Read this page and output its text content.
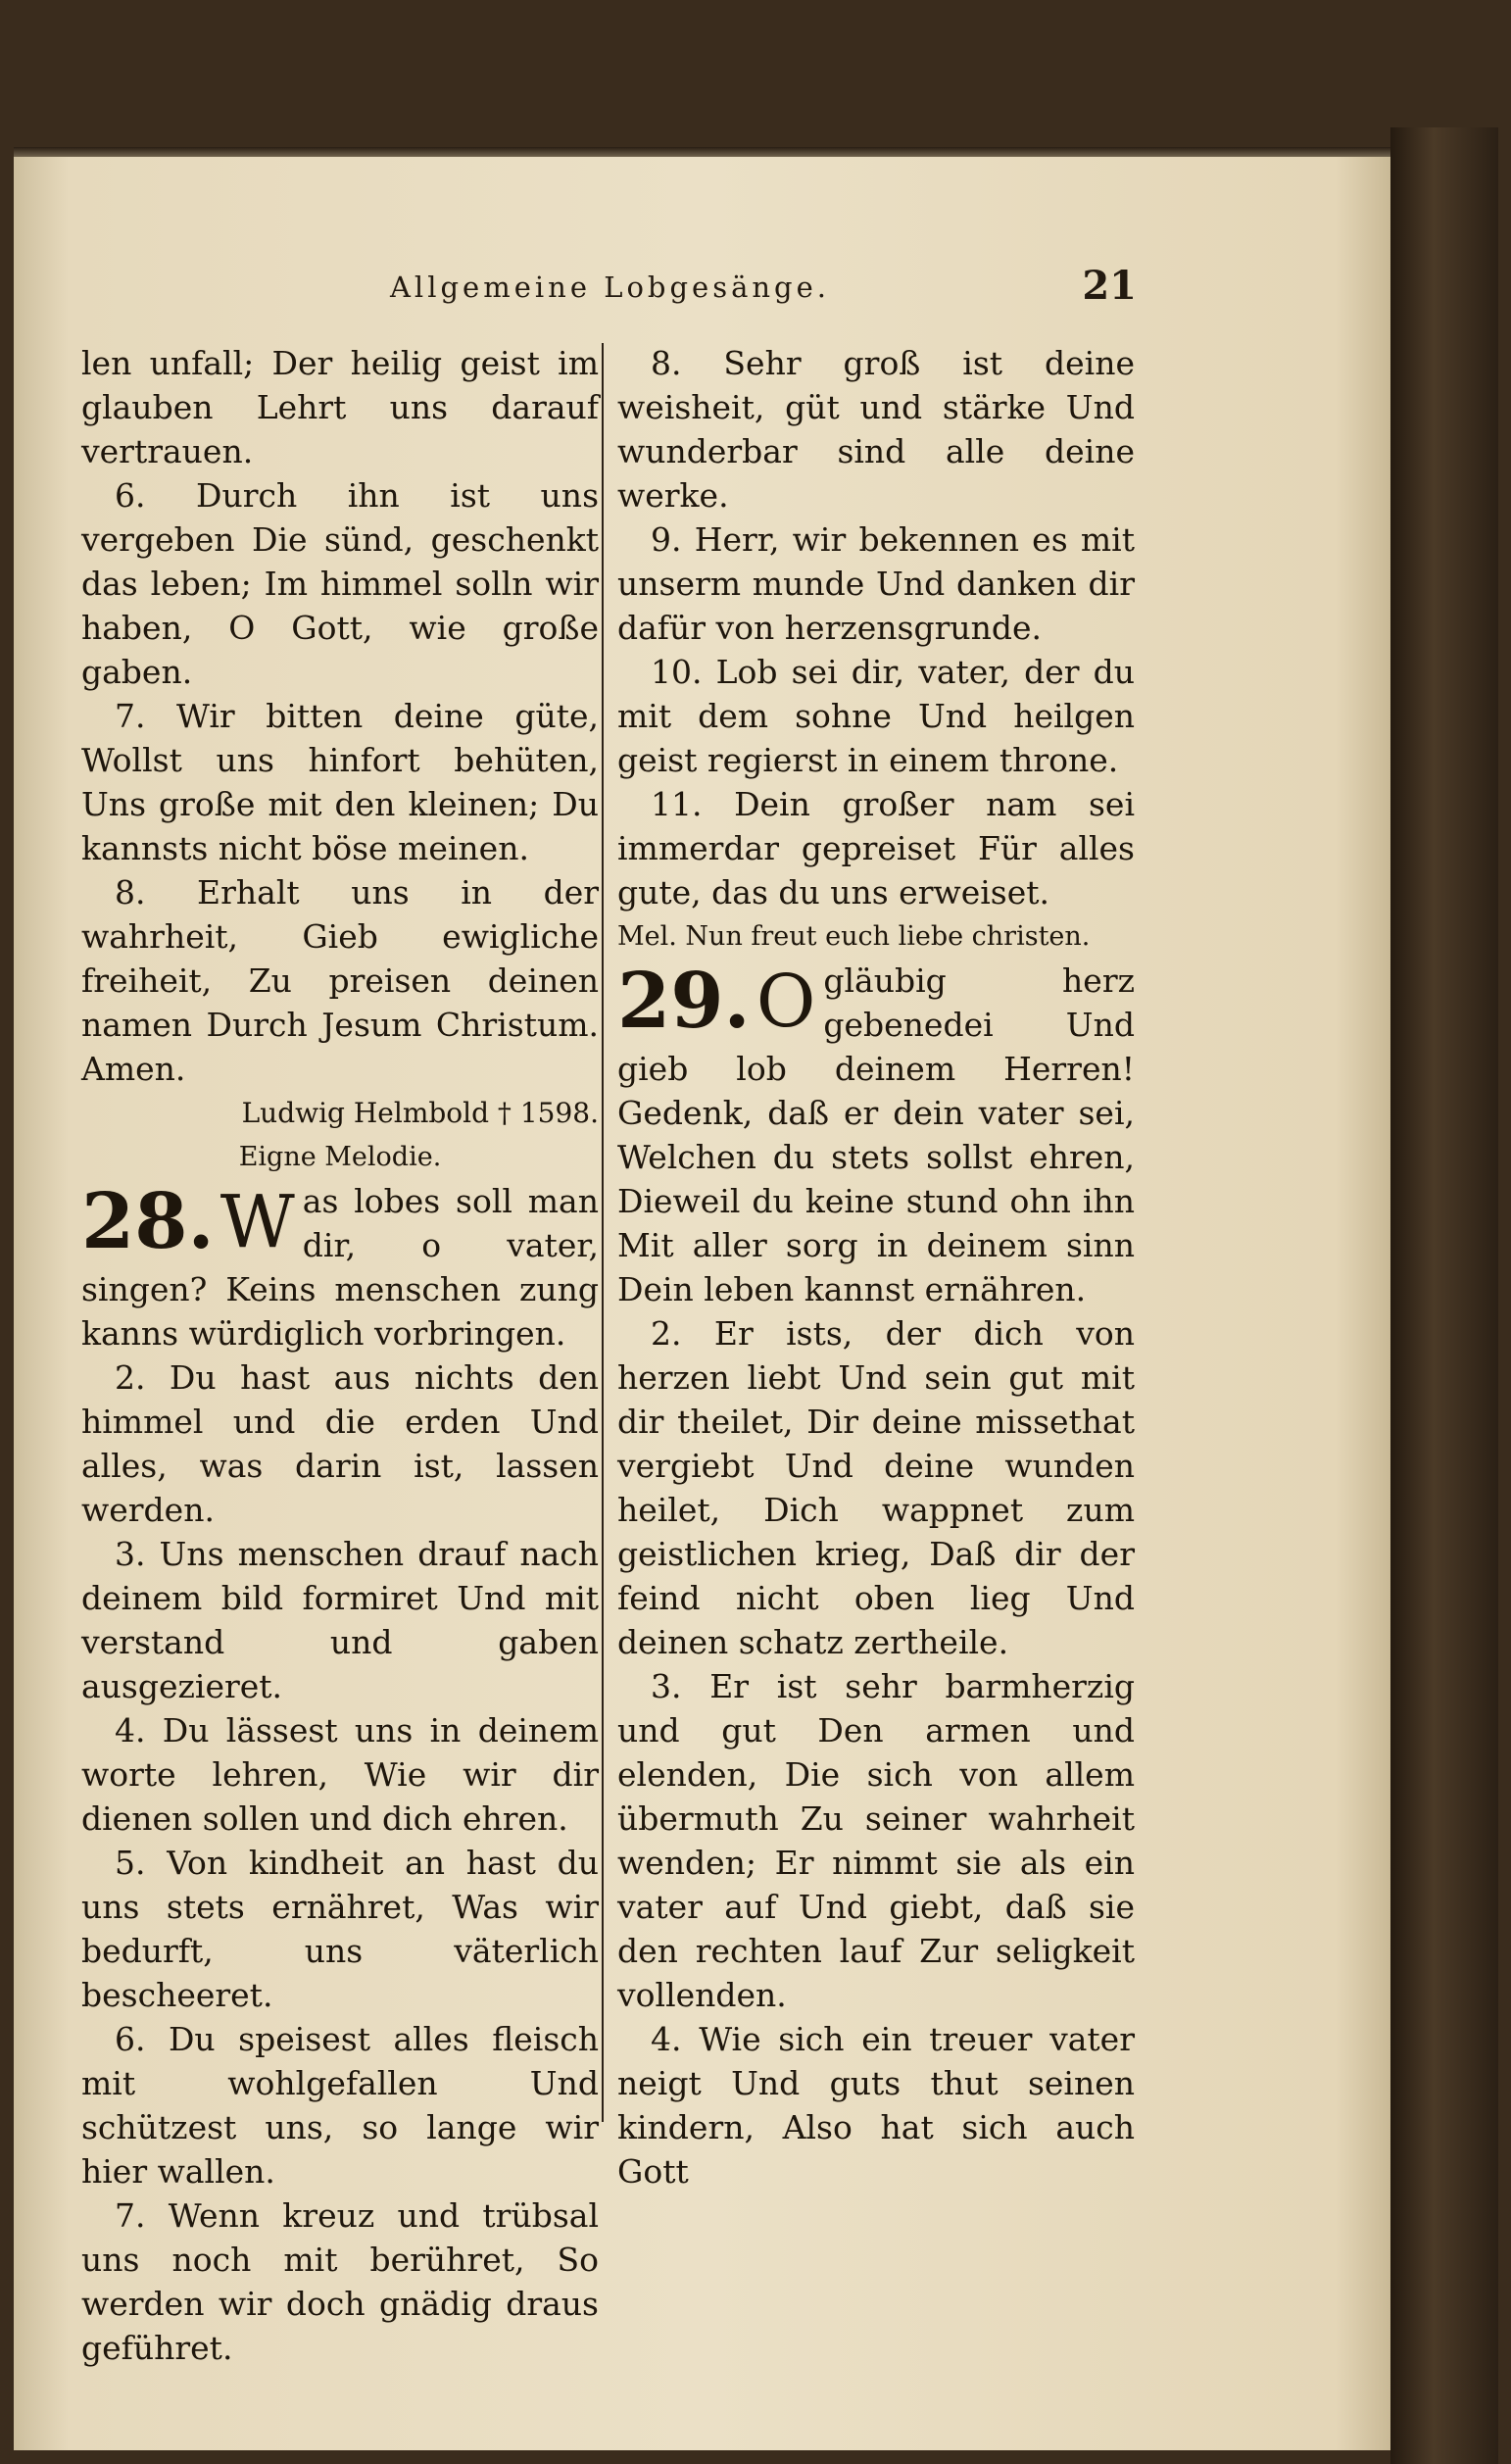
Allgemeine Lobgesänge.	21

len unfall; Der heilig geist im glauben Lehrt uns darauf vertrauen.

6. Durch ihn ist uns vergeben Die sünd, geschenkt das leben; Im himmel solln wir haben, O Gott, wie große gaben.

7. Wir bitten deine güte, Wollst uns hinfort behüten, Uns große mit den kleinen; Du kannsts nicht böse meinen.

8. Erhalt uns in der wahrheit, Gieb ewigliche freiheit, Zu preisen deinen namen Durch Jesum Christum. Amen.

Ludwig Helmbold † 1598.

Eigne Melodie.

28. W as lobes soll man dir, o vater, singen? Keins menschen zung kanns würdiglich vorbringen.

2. Du hast aus nichts den himmel und die erden Und alles, was darin ist, lassen werden.

3. Uns menschen drauf nach deinem bild formiret Und mit verstand und gaben ausgezieret.

4. Du lässest uns in deinem worte lehren, Wie wir dir dienen sollen und dich ehren.

5. Von kindheit an hast du uns stets ernähret, Was wir bedurft, uns väterlich bescheeret.

6. Du speisest alles fleisch mit wohlgefallen Und schützest uns, so lange wir hier wallen.

7. Wenn kreuz und trübsal uns noch mit berühret, So werden wir doch gnädig draus geführet.

8. Sehr groß ist deine weisheit, güt und stärke Und wunderbar sind alle deine werke.

9. Herr, wir bekennen es mit unserm munde Und danken dir dafür von herzensgrunde.

10. Lob sei dir, vater, der du mit dem sohne Und heilgen geist regierst in einem throne.

11. Dein großer nam sei immerdar gepreiset Für alles gute, das du uns erweiset.

Mel. Nun freut euch liebe christen.

29. O gläubig herz gebenedei Und gieb lob deinem Herren! Gedenk, daß er dein vater sei, Welchen du stets sollst ehren, Dieweil du keine stund ohn ihn Mit aller sorg in deinem sinn Dein leben kannst ernähren.

2. Er ists, der dich von herzen liebt Und sein gut mit dir theilet, Dir deine missethat vergiebt Und deine wunden heilet, Dich wappnet zum geistlichen krieg, Daß dir der feind nicht oben lieg Und deinen schatz zertheile.

3. Er ist sehr barmherzig und gut Den armen und elenden, Die sich von allem übermuth Zu seiner wahrheit wenden; Er nimmt sie als ein vater auf Und giebt, daß sie den rechten lauf Zur seligkeit vollenden.

4. Wie sich ein treuer vater neigt Und guts thut seinen kindern, Also hat sich auch Gott
